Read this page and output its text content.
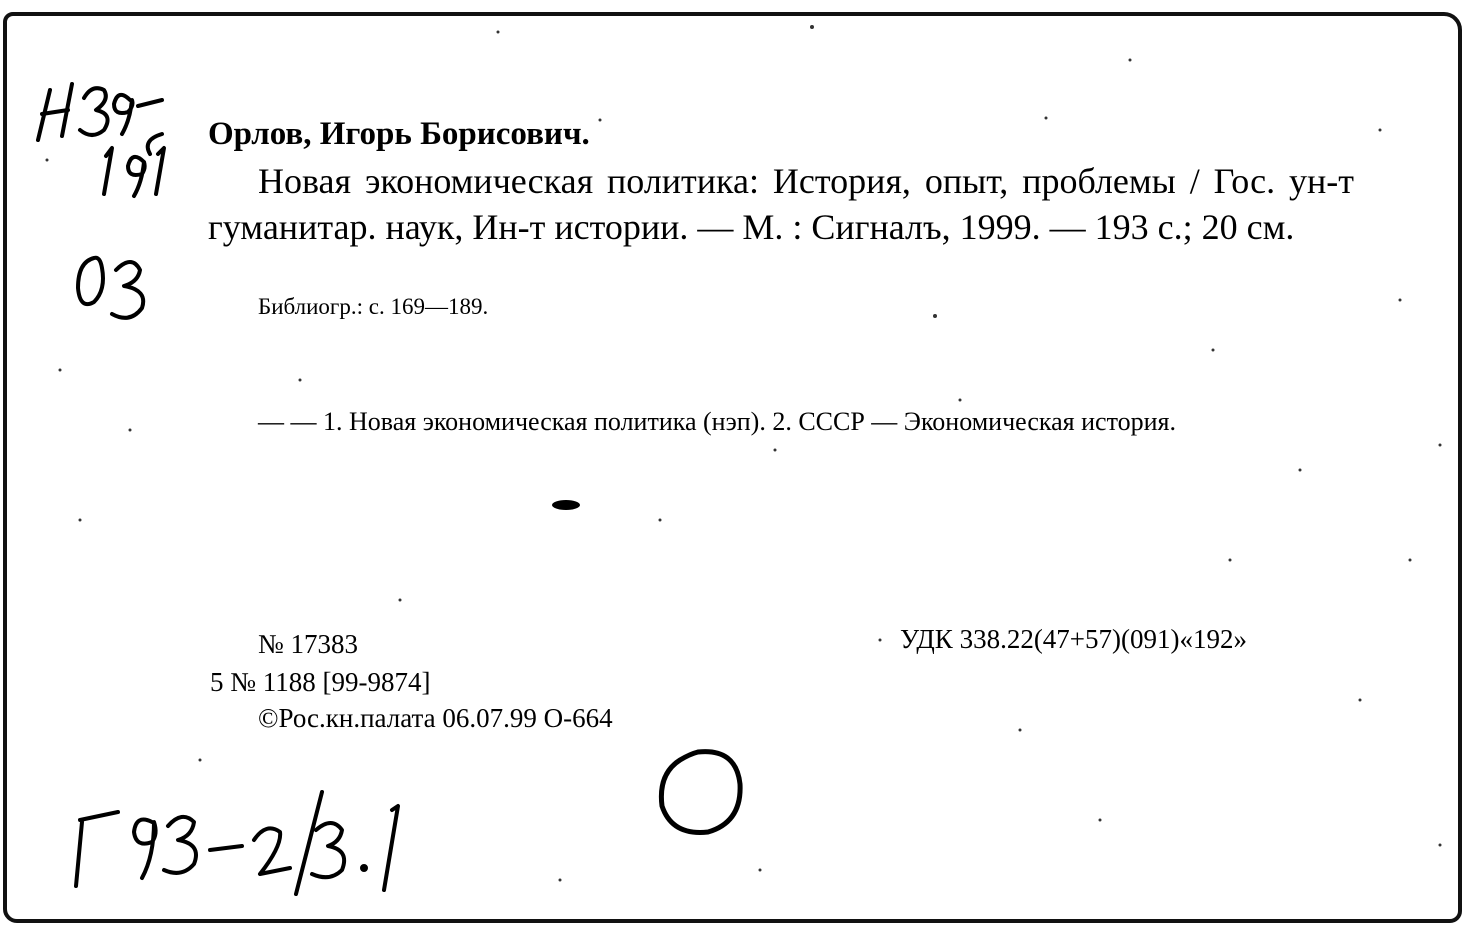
Орлов, Игорь Борисович.

Новая экономическая политика: История, опыт, проблемы / Гос. ун-т гуманитар. наук, Ин-т истории. — М. : Сигналъ, 1999. — 193 с.; 20 см.

Библиогр.: с. 169—189.

— — 1. Новая экономическая политика (нэп). 2. СССР — Экономическая история.

№ 17383	УДК 338.22(47+57)(091)«192»

5 № 1188 [99-9874]

©Рос.кн.палата 06.07.99 О-664
